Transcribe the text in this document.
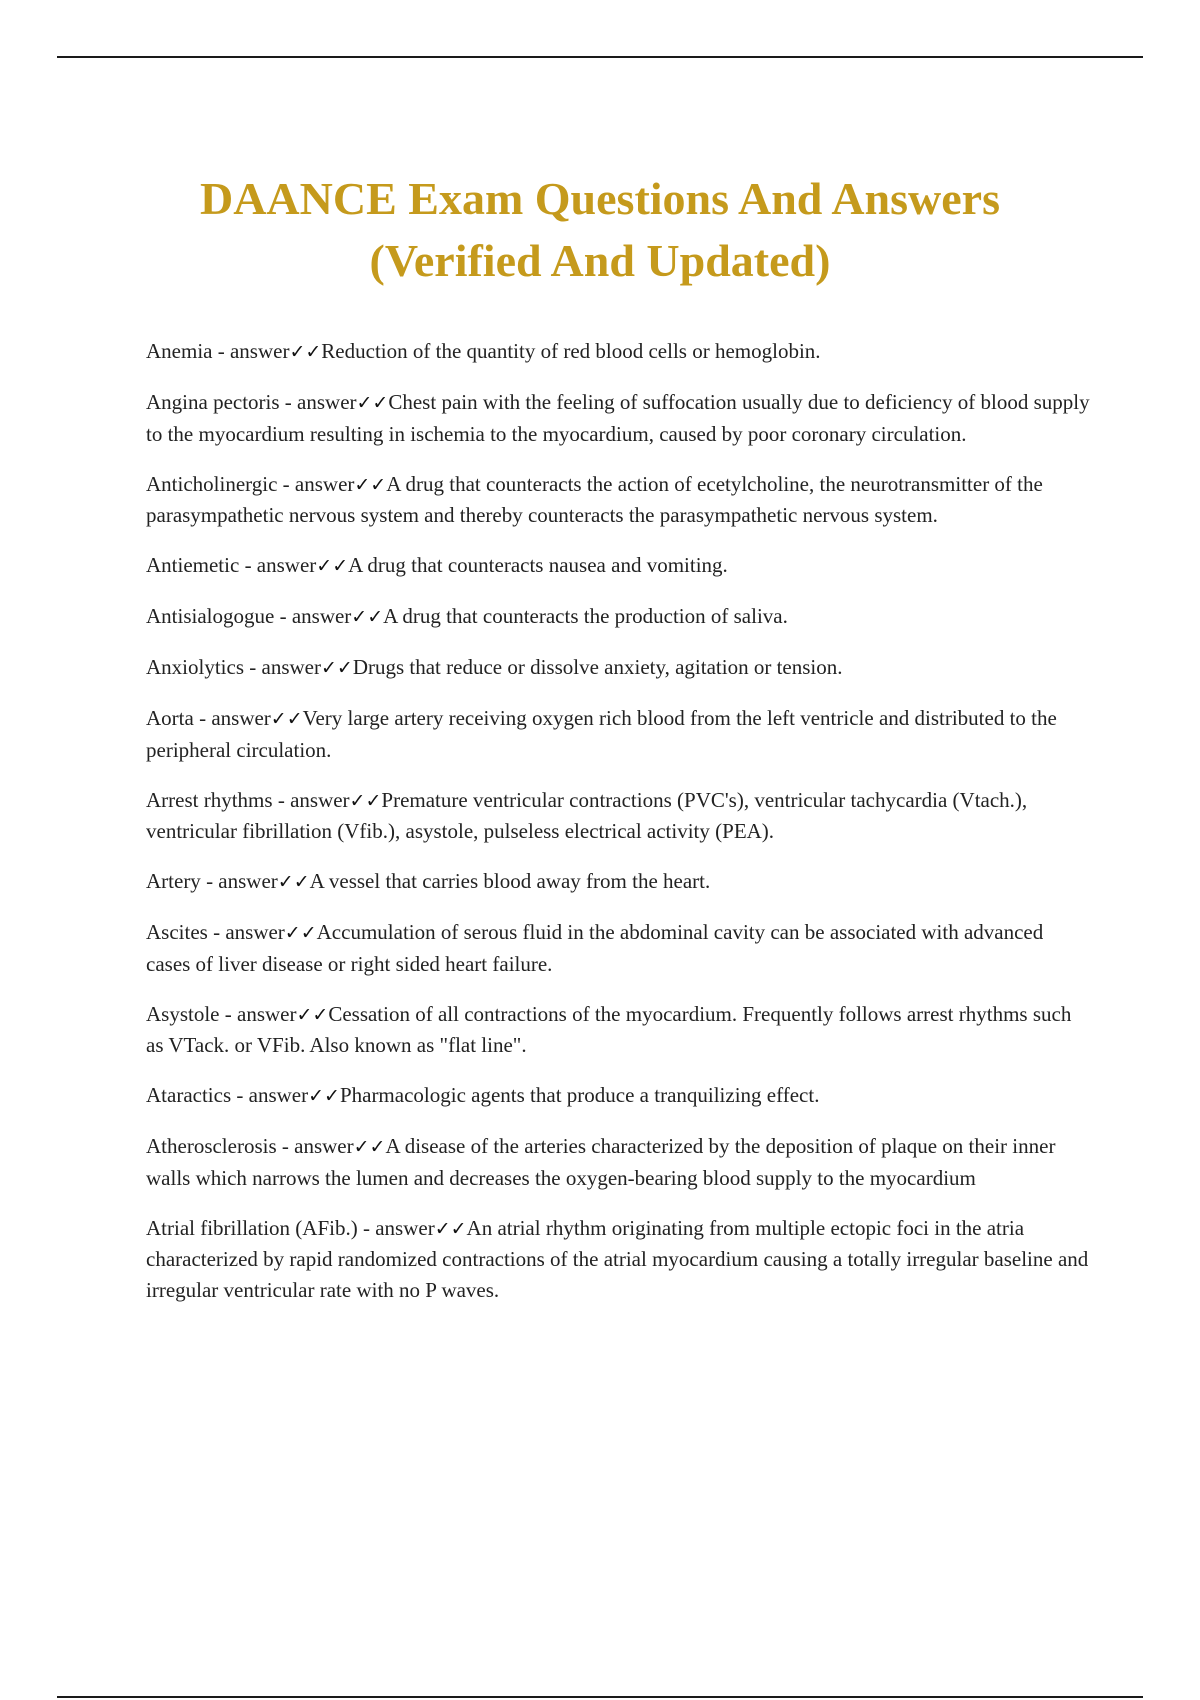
DAANCE Exam Questions And Answers
(Verified And Updated)
Anemia - answer✓✓Reduction of the quantity of red blood cells or hemoglobin.
Angina pectoris - answer✓✓Chest pain with the feeling of suffocation usually due to deficiency of blood supply to the myocardium resulting in ischemia to the myocardium, caused by poor coronary circulation.
Anticholinergic - answer✓✓A drug that counteracts the action of ecetylcholine, the neurotransmitter of the parasympathetic nervous system and thereby counteracts the parasympathetic nervous system.
Antiemetic - answer✓✓A drug that counteracts nausea and vomiting.
Antisialogogue - answer✓✓A drug that counteracts the production of saliva.
Anxiolytics - answer✓✓Drugs that reduce or dissolve anxiety, agitation or tension.
Aorta - answer✓✓Very large artery receiving oxygen rich blood from the left ventricle and distributed to the peripheral circulation.
Arrest rhythms - answer✓✓Premature ventricular contractions (PVC's), ventricular tachycardia (Vtach.), ventricular fibrillation (Vfib.), asystole, pulseless electrical activity (PEA).
Artery - answer✓✓A vessel that carries blood away from the heart.
Ascites - answer✓✓Accumulation of serous fluid in the abdominal cavity can be associated with advanced cases of liver disease or right sided heart failure.
Asystole - answer✓✓Cessation of all contractions of the myocardium. Frequently follows arrest rhythms such as VTack. or VFib. Also known as "flat line".
Ataractics - answer✓✓Pharmacologic agents that produce a tranquilizing effect.
Atherosclerosis - answer✓✓A disease of the arteries characterized by the deposition of plaque on their inner walls which narrows the lumen and decreases the oxygen-bearing blood supply to the myocardium
Atrial fibrillation (AFib.) - answer✓✓An atrial rhythm originating from multiple ectopic foci in the atria characterized by rapid randomized contractions of the atrial myocardium causing a totally irregular baseline and irregular ventricular rate with no P waves.
